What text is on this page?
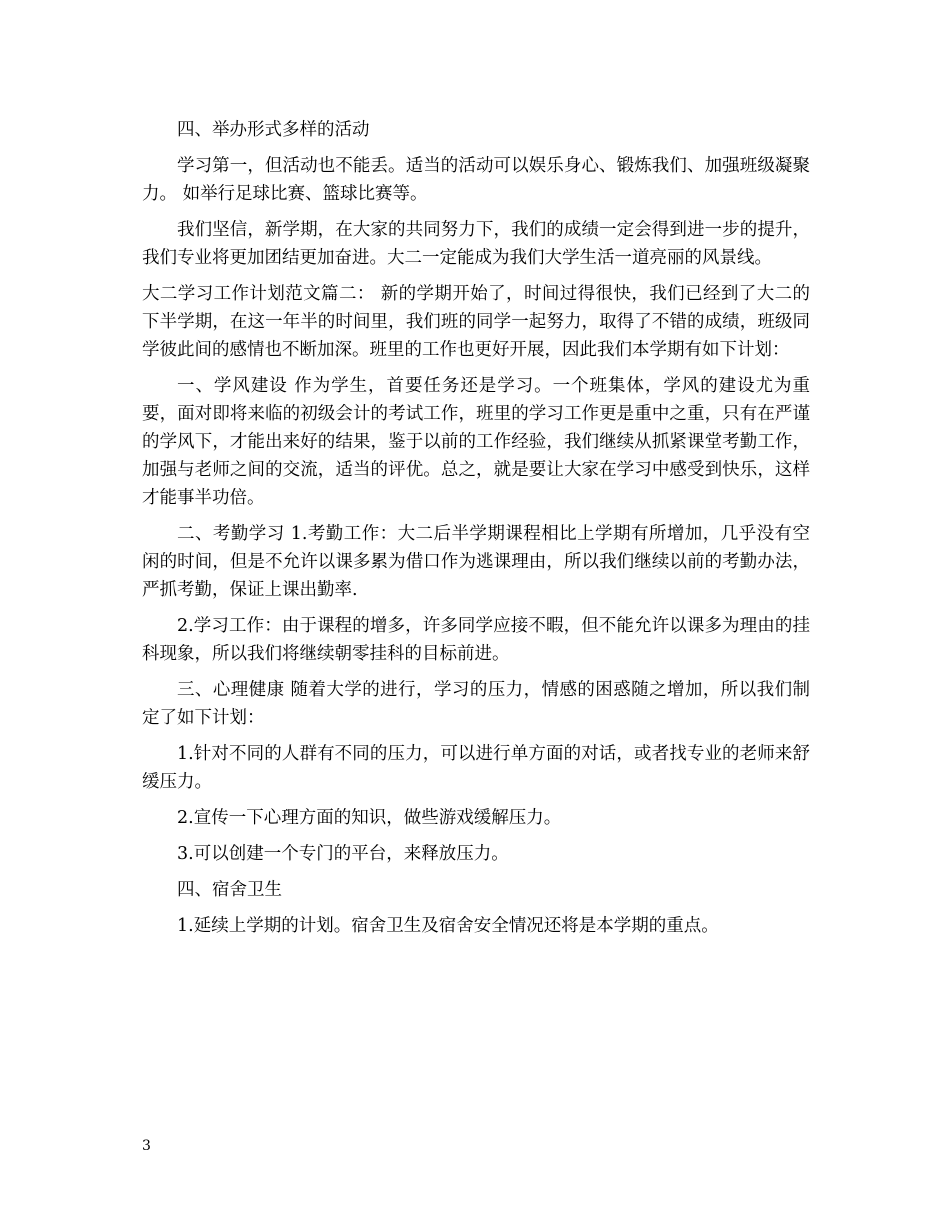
四、举办形式多样的活动

学习第一，但活动也不能丢。适当的活动可以娱乐身心、锻炼我们、加强班级凝聚力。 如举行足球比赛、篮球比赛等。

我们坚信，新学期，在大家的共同努力下，我们的成绩一定会得到进一步的提升，我们专业将更加团结更加奋进。大二一定能成为我们大学生活一道亮丽的风景线。

大二学习工作计划范文篇二： 新的学期开始了，时间过得很快，我们已经到了大二的下半学期，在这一年半的时间里，我们班的同学一起努力，取得了不错的成绩，班级同学彼此间的感情也不断加深。班里的工作也更好开展，因此我们本学期有如下计划：

一、学风建设 作为学生，首要任务还是学习。一个班集体，学风的建设尤为重要，面对即将来临的初级会计的考试工作，班里的学习工作更是重中之重，只有在严谨的学风下，才能出来好的结果，鉴于以前的工作经验，我们继续从抓紧课堂考勤工作，加强与老师之间的交流，适当的评优。总之，就是要让大家在学习中感受到快乐，这样才能事半功倍。

二、考勤学习 1.考勤工作：大二后半学期课程相比上学期有所增加，几乎没有空闲的时间，但是不允许以课多累为借口作为逃课理由，所以我们继续以前的考勤办法，严抓考勤，保证上课出勤率.

2.学习工作：由于课程的增多，许多同学应接不暇，但不能允许以课多为理由的挂科现象，所以我们将继续朝零挂科的目标前进。

三、心理健康 随着大学的进行，学习的压力，情感的困惑随之增加，所以我们制定了如下计划：

1.针对不同的人群有不同的压力，可以进行单方面的对话，或者找专业的老师来舒缓压力。

2.宣传一下心理方面的知识，做些游戏缓解压力。

3.可以创建一个专门的平台，来释放压力。

四、宿舍卫生

1.延续上学期的计划。宿舍卫生及宿舍安全情况还将是本学期的重点。

3
